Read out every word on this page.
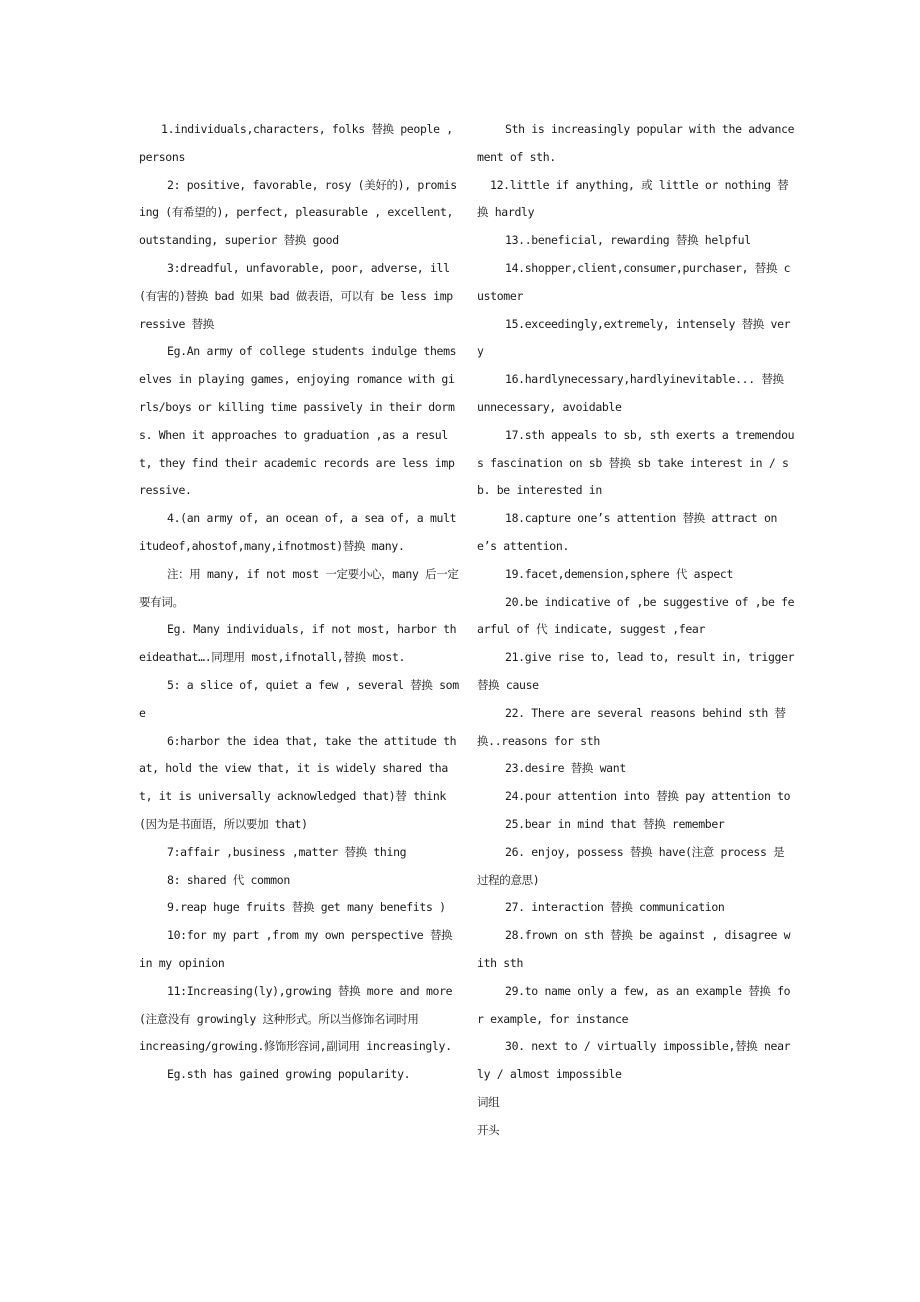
1.individuals,characters, folks 替换 people ,persons

2: positive, favorable, rosy (美好的), promising (有希望的), perfect, pleasurable , excellent, outstanding, superior 替换 good

3:dreadful, unfavorable, poor, adverse, ill (有害的)替换 bad 如果 bad 做表语，可以有 be less impressive 替换

Eg.An army of college students indulge themselves in playing games, enjoying romance with girls/boys or killing time passively in their dorms. When it approaches to graduation ,as a result, they find their academic records are less impressive.

4.(an army of, an ocean of, a sea of, a multitudeof,ahostof,many,ifnotmost)替换 many.

注：用 many, if not most 一定要小心，many 后一定要有词。

Eg. Many individuals, if not most, harbor theideathat….同理用 most,ifnotall,替换 most.

5: a slice of, quiet a few , several 替换 some

6:harbor the idea that, take the attitude that, hold the view that, it is widely shared that, it is universally acknowledged that)替 think (因为是书面语，所以要加 that)

7:affair ,business ,matter 替换 thing

8: shared 代 common

9.reap huge fruits 替换 get many benefits )

10:for my part ,from my own perspective 替换 in my opinion

11:Increasing(ly),growing 替换 more and more(注意没有 growingly 这种形式。所以当修饰名词时用

increasing/growing.修饰形容词,副词用 increasingly.

Eg.sth has gained growing popularity.

Sth is increasingly popular with the advancement of sth.

12.little if anything, 或 little or nothing 替换 hardly

13..beneficial, rewarding 替换 helpful

14.shopper,client,consumer,purchaser, 替换 customer

15.exceedingly,extremely, intensely 替换 very

16.hardlynecessary,hardlyinevitable... 替换 unnecessary, avoidable

17.sth appeals to sb, sth exerts a tremendous fascination on sb 替换 sb take interest in / sb. be interested in

18.capture one’s attention 替换 attract one’s attention.

19.facet,demension,sphere 代 aspect

20.be indicative of ,be suggestive of ,be fearful of 代 indicate, suggest ,fear

21.give rise to, lead to, result in, trigger 替换 cause

22. There are several reasons behind sth 替换..reasons for sth

23.desire 替换 want

24.pour attention into 替换 pay attention to

25.bear in mind that 替换 remember

26. enjoy, possess 替换 have(注意 process 是过程的意思)

27. interaction 替换 communication

28.frown on sth 替换 be against , disagree with sth

29.to name only a few, as an example 替换 for example, for instance

30. next to / virtually impossible,替换 nearly / almost impossible

词组

开头
